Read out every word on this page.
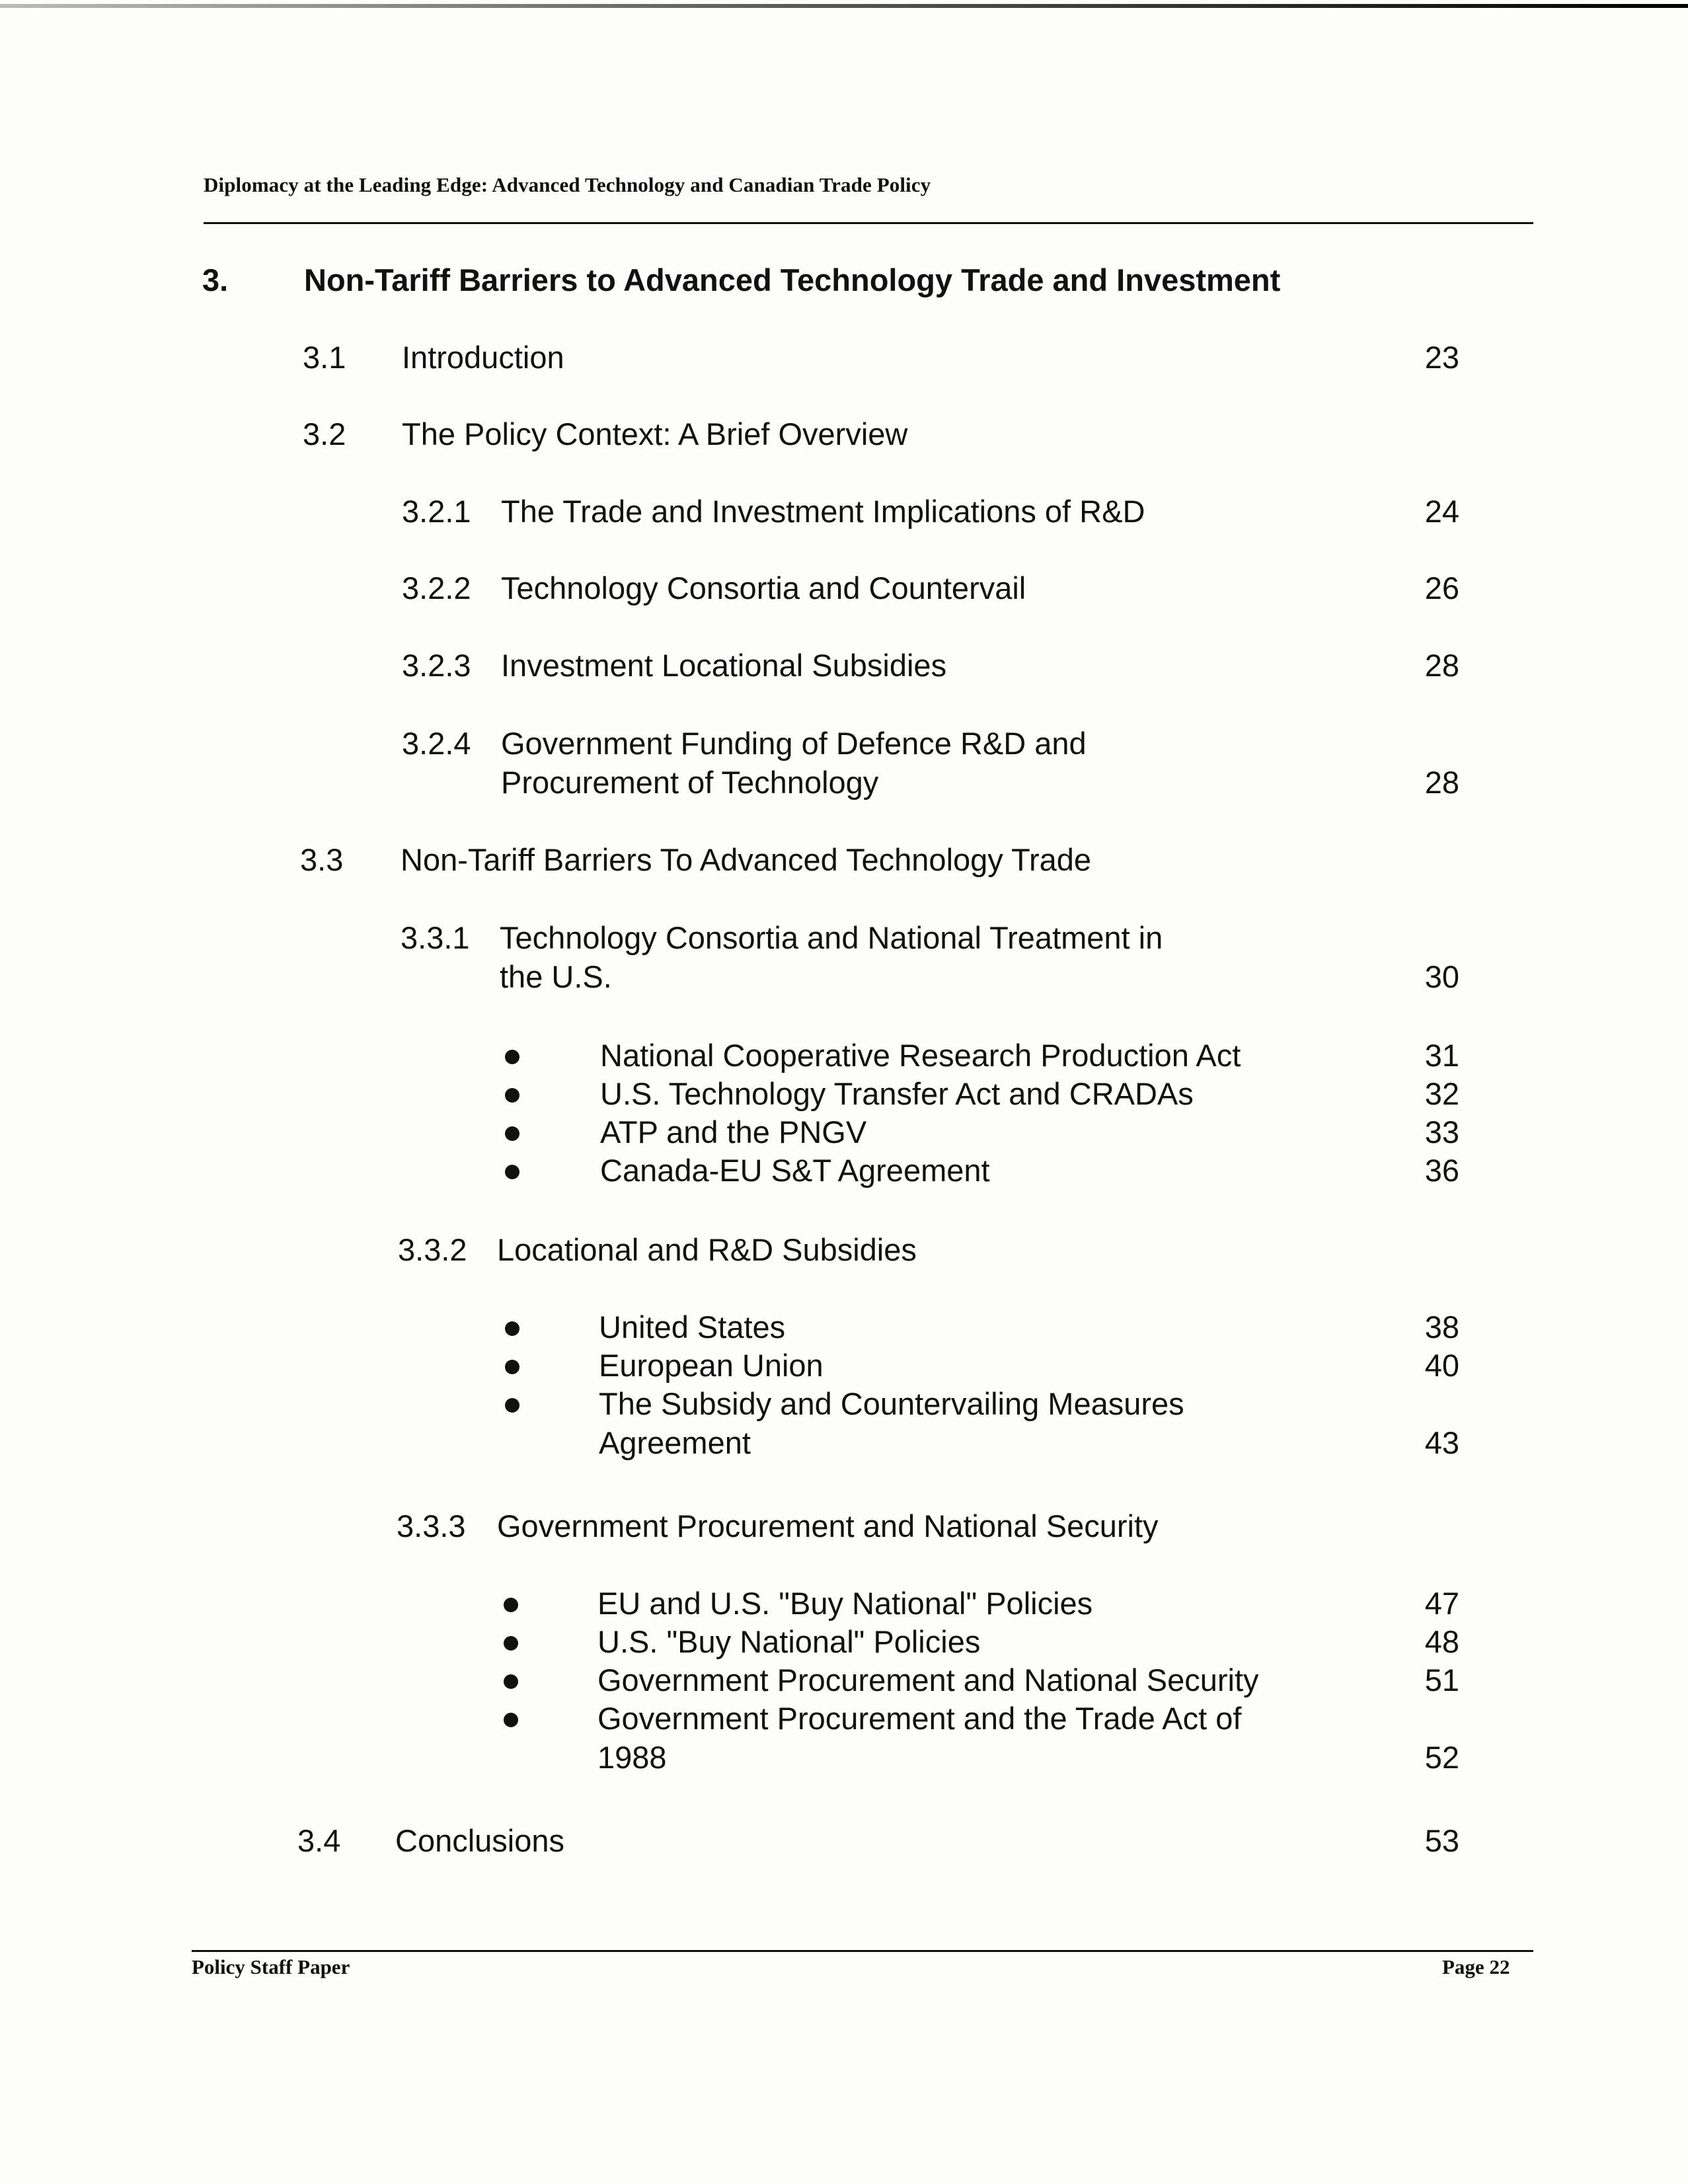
Diplomacy at the Leading Edge: Advanced Technology and Canadian Trade Policy
3. Non-Tariff Barriers to Advanced Technology Trade and Investment
3.1 Introduction	23
3.2 The Policy Context: A Brief Overview
3.2.1 The Trade and Investment Implications of R&D	24
3.2.2 Technology Consortia and Countervail	26
3.2.3 Investment Locational Subsidies	28
3.2.4 Government Funding of Defence R&D and
Procurement of Technology	28
3.3 Non-Tariff Barriers To Advanced Technology Trade
3.3.1 Technology Consortia and National Treatment in
the U.S.	30
National Cooperative Research Production Act	31
U.S. Technology Transfer Act and CRADAs	32
ATP and the PNGV	33
Canada-EU S&T Agreement	36
3.3.2 Locational and R&D Subsidies
United States	38
European Union	40
The Subsidy and Countervailing Measures
Agreement	43
3.3.3 Government Procurement and National Security
EU and U.S. "Buy National" Policies	47
U.S. "Buy National" Policies	48
Government Procurement and National Security	51
Government Procurement and the Trade Act of
1988	52
3.4 Conclusions	53
Policy Staff Paper	Page 22
